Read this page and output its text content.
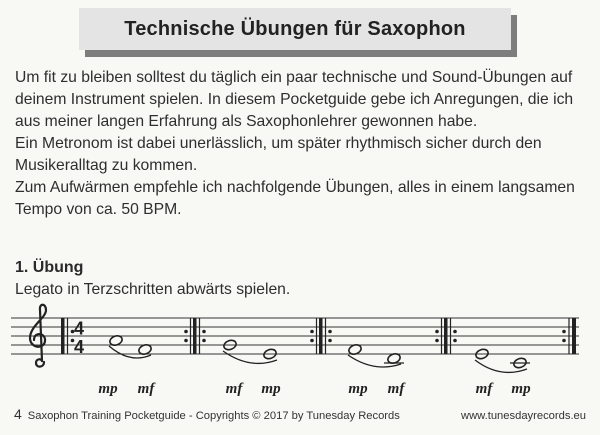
Technische Übungen für Saxophon

Um fit zu bleiben solltest du täglich ein paar technische und Sound-Übungen auf deinem Instrument spielen. In diesem Pocketguide gebe ich Anregungen, die ich aus meiner langen Erfahrung als Saxophonlehrer gewonnen habe.

Ein Metronom ist dabei unerlässlich, um später rhythmisch sicher durch den Musikeralltag zu kommen.

Zum Aufwärmen empfehle ich nachfolgende Übungen, alles in einem langsamen Tempo von ca. 50 BPM.

1. Übung
Legato in Terzschritten abwärts spielen.
4
4
mp mf	mf mp	mp mf	mf mp
4 Saxophon Training Pocketguide - Copyrights © 2017 by Tunesday Records	www.tunesdayrecords.eu
